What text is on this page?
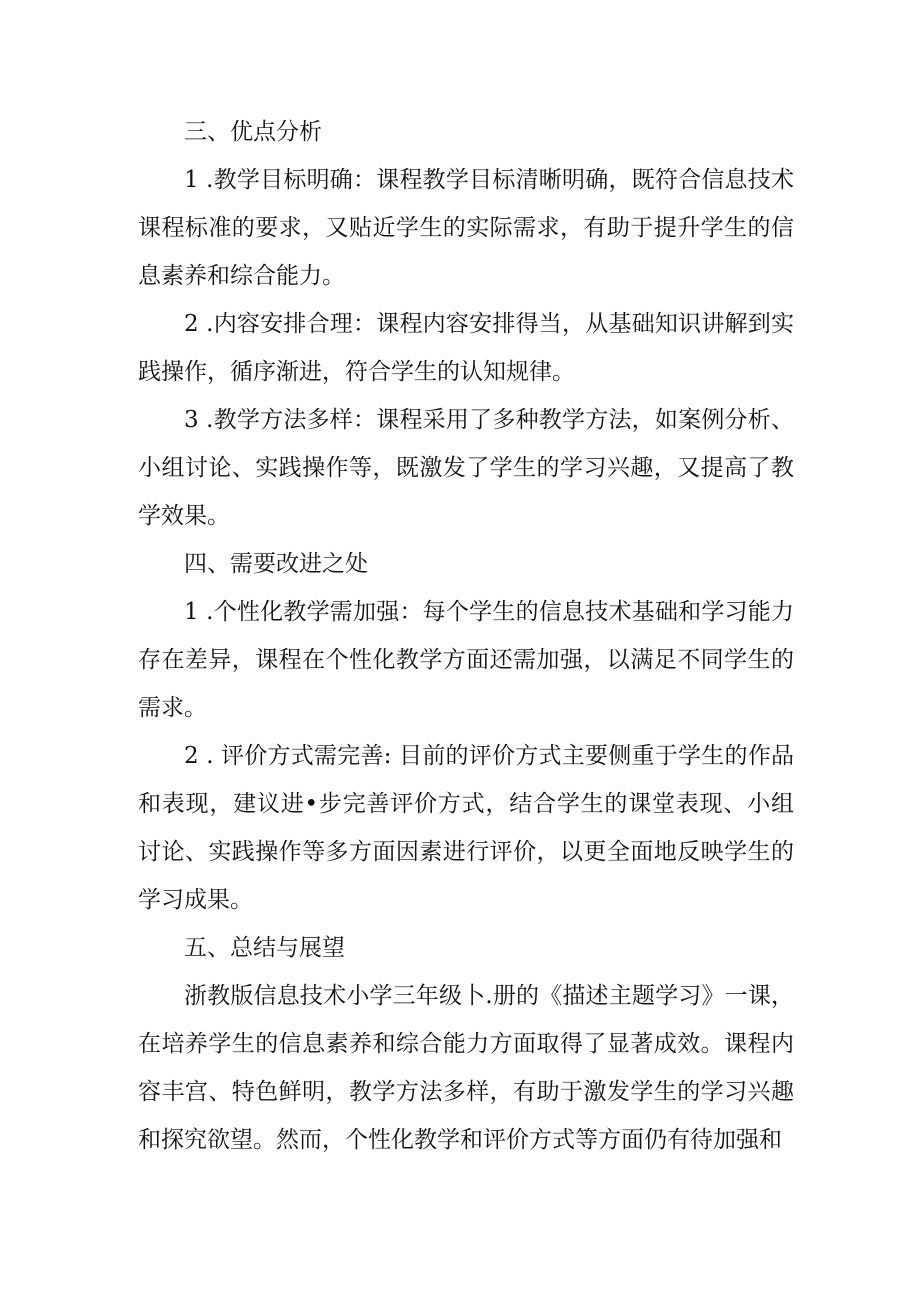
三、优点分析

1 .教学目标明确：课程教学目标清晰明确，既符合信息技术课程标准的要求，又贴近学生的实际需求，有助于提升学生的信息素养和综合能力。

2 .内容安排合理：课程内容安排得当，从基础知识讲解到实践操作，循序渐进，符合学生的认知规律。

3 .教学方法多样：课程采用了多种教学方法，如案例分析、小组讨论、实践操作等，既激发了学生的学习兴趣，又提高了教学效果。

四、需要改进之处

1 .个性化教学需加强：每个学生的信息技术基础和学习能力存在差异，课程在个性化教学方面还需加强，以满足不同学生的需求。

2 . 评价方式需完善: 目前的评价方式主要侧重于学生的作品和表现，建议进•步完善评价方式，结合学生的课堂表现、小组讨论、实践操作等多方面因素进行评价，以更全面地反映学生的学习成果。

五、总结与展望

浙教版信息技术小学三年级卜.册的《描述主题学习》一课，在培养学生的信息素养和综合能力方面取得了显著成效。课程内容丰宫、特色鲜明，教学方法多样，有助于激发学生的学习兴趣和探究欲望。然而，个性化教学和评价方式等方面仍有待加强和
